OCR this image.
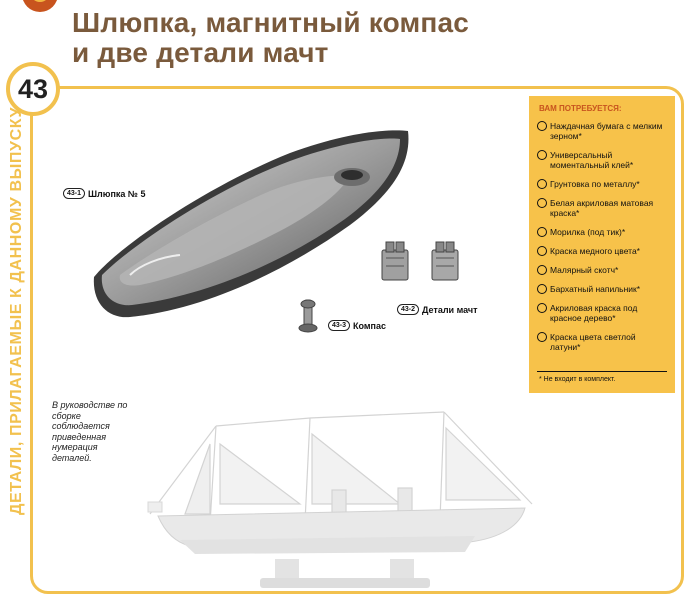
Шлюпка, магнитный компас
и две детали мачт
43
ДЕТАЛИ, ПРИЛАГАЕМЫЕ К ДАННОМУ ВЫПУСКУ	43-1 Шлюпка № 5
43-2 Детали мачт
43-3 Компас
В руководстве по сборке соблюдается приведенная нумерация деталей.
ВАМ ПОТРЕБУЕТСЯ:
Наждачная бумага с мелким зерном*
Универсальный моментальный клей*
Грунтовка по металлу*
Белая акриловая матовая краска*
Морилка (под тик)*
Краска медного цвета*
Малярный скотч*
Бархатный напильник*
Акриловая краска под красное дерево*
Краска цвета светлой латуни*
* Не входит в комплект.
